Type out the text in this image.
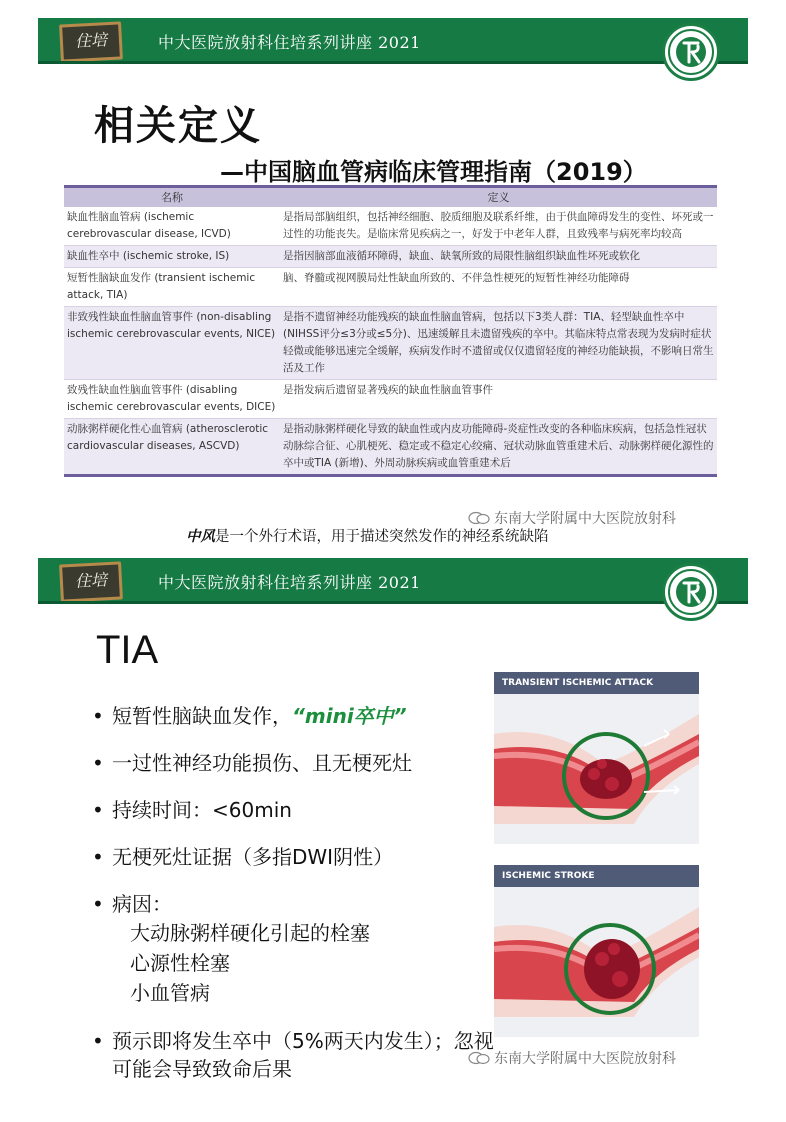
住培	中大医院放射科住培系列讲座 2021
相关定义
—中国脑血管病临床管理指南（2019）
名称	定义
缺血性脑血管病 (ischemic cerebrovascular disease, ICVD)	是指局部脑组织，包括神经细胞、胶质细胞及联系纤维，由于供血障碍发生的变性、坏死或一过性的功能丧失。是临床常见疾病之一，好发于中老年人群，且致残率与病死率均较高
缺血性卒中 (ischemic stroke, IS)	是指因脑部血液循环障碍，缺血、缺氧所致的局限性脑组织缺血性坏死或软化
短暂性脑缺血发作 (transient ischemic attack, TIA)	脑、脊髓或视网膜局灶性缺血所致的、不伴急性梗死的短暂性神经功能障碍
非致残性缺血性脑血管事件 (non-disabling ischemic cerebrovascular events, NICE)	是指不遗留神经功能残疾的缺血性脑血管病，包括以下3类人群：TIA、轻型缺血性卒中 (NIHSS评分≤3分或≤5分)、迅速缓解且未遗留残疾的卒中。其临床特点常表现为发病时症状轻微或能够迅速完全缓解，疾病发作时不遗留或仅仅遗留轻度的神经功能缺损，不影响日常生活及工作
致残性缺血性脑血管事件 (disabling ischemic cerebrovascular events, DICE)	是指发病后遗留显著残疾的缺血性脑血管事件
动脉粥样硬化性心血管病 (atherosclerotic cardiovascular diseases, ASCVD)	是指动脉粥样硬化导致的缺血性或内皮功能障碍-炎症性改变的各种临床疾病，包括急性冠状动脉综合征、心肌梗死、稳定或不稳定心绞痛、冠状动脉血管重建术后、动脉粥样硬化源性的卒中或TIA (新增)、外周动脉疾病或血管重建术后
东南大学附属中大医院放射科
中风是一个外行术语，用于描述突然发作的神经系统缺陷
住培	中大医院放射科住培系列讲座 2021
TIA
• 短暂性脑缺血发作，“mini卒中”
• 一过性神经功能损伤、且无梗死灶
• 持续时间：<60min
• 无梗死灶证据（多指DWI阴性）
• 病因：
大动脉粥样硬化引起的栓塞
心源性栓塞
小血管病
• 预示即将发生卒中（5%两天内发生）；忽视可能会导致致命后果
TRANSIENT ISCHEMIC ATTACK
ISCHEMIC STROKE
东南大学附属中大医院放射科
